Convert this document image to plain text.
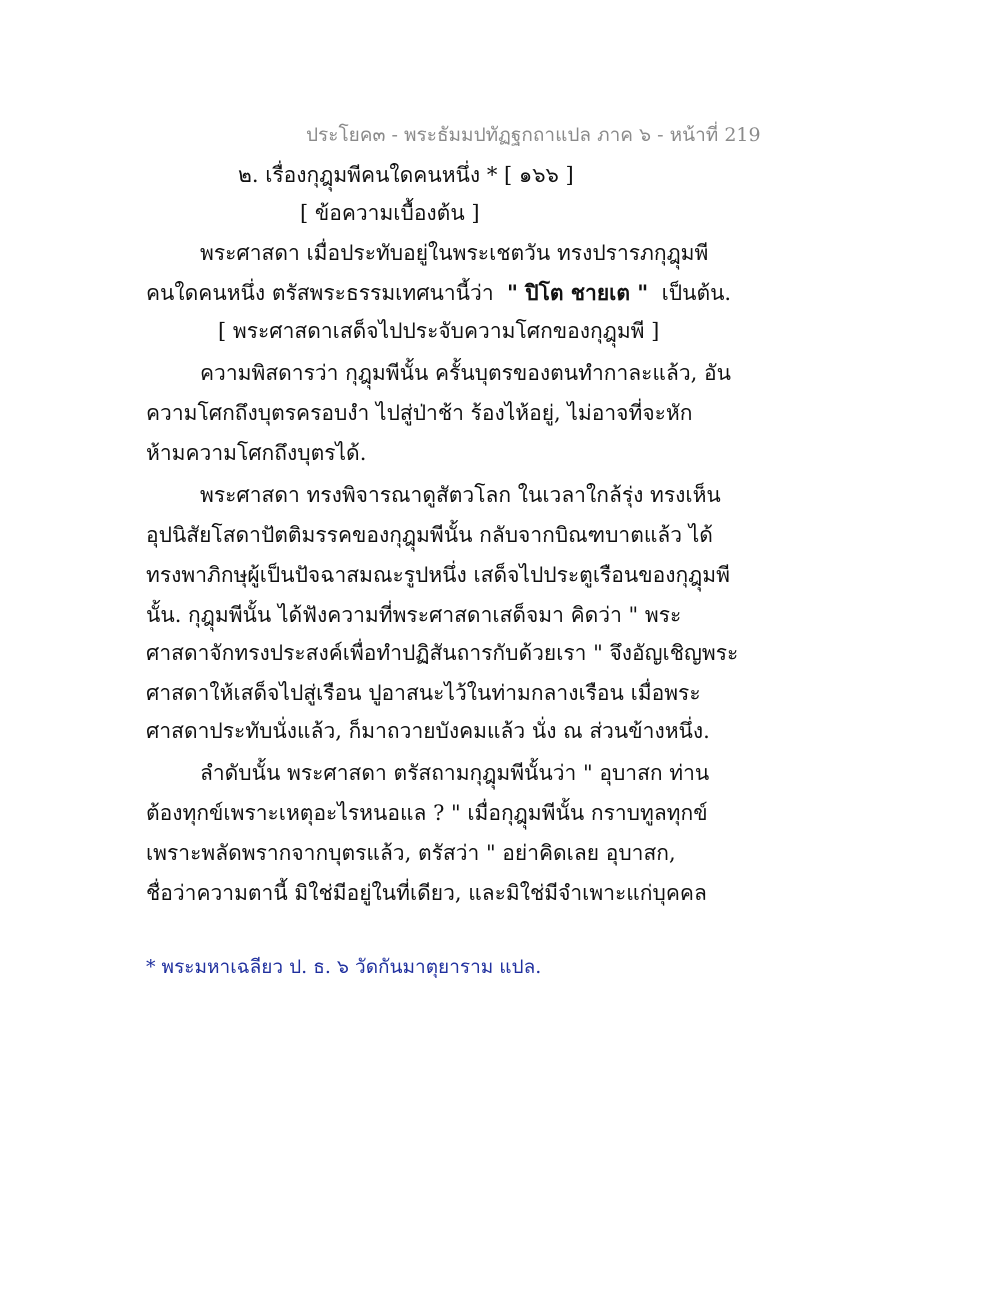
ประโยค๓ - พระธัมมปทัฏฐกถาแปล ภาค ๖ - หน้าที่ 219
๒. เรื่องกุฎุมพีคนใดคนหนึ่ง * [ ๑๖๖ ]
[ ข้อความเบื้องต้น ]
พระศาสดา เมื่อประทับอยู่ในพระเชตวัน ทรงปรารภกุฎุมพี
คนใดคนหนึ่ง ตรัสพระธรรมเทศนานี้ว่า " ปิโต ชายเต " เป็นต้น.
[ พระศาสดาเสด็จไปประจับความโศกของกุฎุมพี ]
ความพิสดารว่า กุฎุมพีนั้น ครั้นบุตรของตนทำกาละแล้ว, อัน
ความโศกถึงบุตรครอบงำ ไปสู่ป่าช้า ร้องไห้อยู่, ไม่อาจที่จะหัก
ห้ามความโศกถึงบุตรได้.
พระศาสดา ทรงพิจารณาดูสัตวโลก ในเวลาใกล้รุ่ง ทรงเห็น
อุปนิสัยโสดาปัตติมรรคของกุฎุมพีนั้น กลับจากบิณฑบาตแล้ว ได้
ทรงพาภิกษุผู้เป็นปัจฉาสมณะรูปหนึ่ง เสด็จไปประตูเรือนของกุฎุมพี
นั้น. กุฎุมพีนั้น ได้ฟังความที่พระศาสดาเสด็จมา คิดว่า " พระ
ศาสดาจักทรงประสงค์เพื่อทำปฏิสันถารกับด้วยเรา " จึงอัญเชิญพระ
ศาสดาให้เสด็จไปสู่เรือน ปูอาสนะไว้ในท่ามกลางเรือน เมื่อพระ
ศาสดาประทับนั่งแล้ว, ก็มาถวายบังคมแล้ว นั่ง ณ ส่วนข้างหนึ่ง.
ลำดับนั้น พระศาสดา ตรัสถามกุฎุมพีนั้นว่า " อุบาสก ท่าน
ต้องทุกข์เพราะเหตุอะไรหนอแล ? " เมื่อกุฎุมพีนั้น กราบทูลทุกข์
เพราะพลัดพรากจากบุตรแล้ว, ตรัสว่า " อย่าคิดเลย อุบาสก,
ชื่อว่าความตานี้ มิใช่มีอยู่ในที่เดียว, และมิใช่มีจำเพาะแก่บุคคล
* พระมหาเฉลียว ป. ธ. ๖ วัดกันมาตุยาราม แปล.
